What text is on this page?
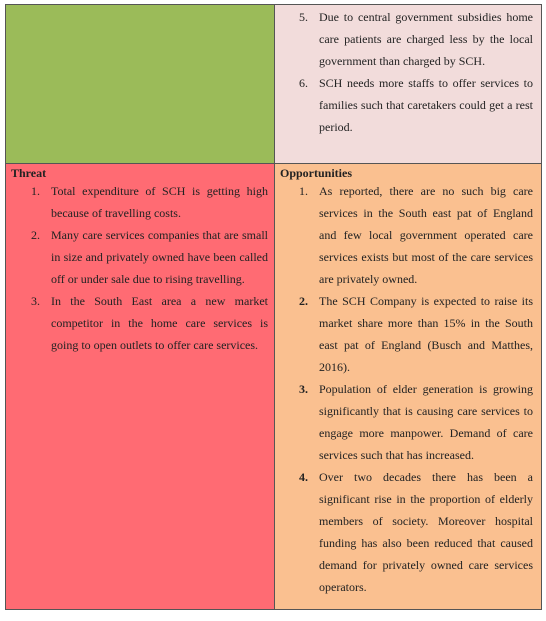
5. Due to central government subsidies home care patients are charged less by the local government than charged by SCH.
6. SCH needs more staffs to offer services to families such that caretakers could get a rest period.

Threat

1. Total expenditure of SCH is getting high because of travelling costs.
2. Many care services companies that are small in size and privately owned have been called off or under sale due to rising travelling.
3. In the South East area a new market competitor in the home care services is going to open outlets to offer care services.

Opportunities

1. As reported, there are no such big care services in the South east pat of England and few local government operated care services exists but most of the care services are privately owned.
2. The SCH Company is expected to raise its market share more than 15% in the South east pat of England (Busch and Matthes, 2016).
3. Population of elder generation is growing significantly that is causing care services to engage more manpower. Demand of care services such that has increased.
4. Over two decades there has been a significant rise in the proportion of elderly members of society. Moreover hospital funding has also been reduced that caused demand for privately owned care services operators.
